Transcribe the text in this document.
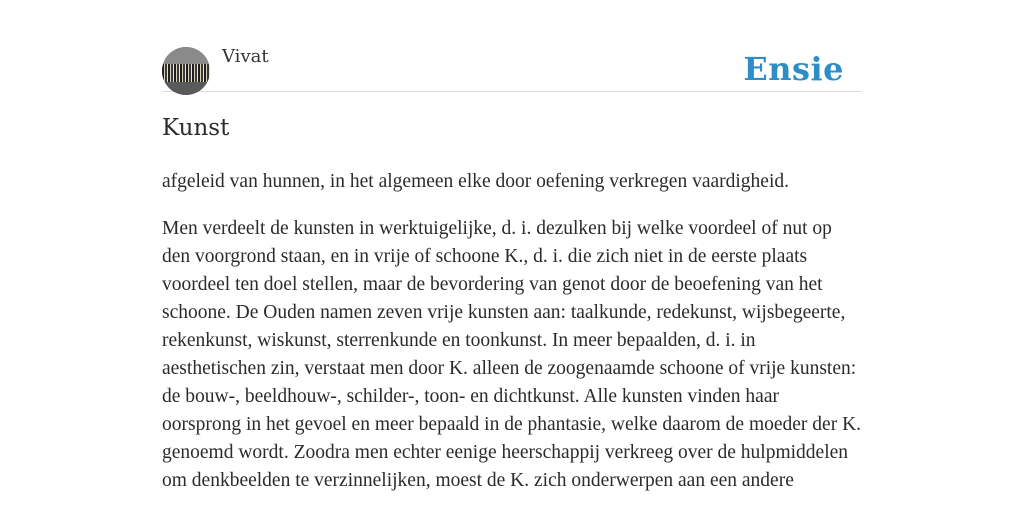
Vivat	Ensie
Kunst

afgeleid van hunnen, in het algemeen elke door oefening verkregen vaardigheid.

Men verdeelt de kunsten in werktuigelijke, d. i. dezulken bij welke voordeel of nut op den voorgrond staan, en in vrije of schoone K., d. i. die zich niet in de eerste plaats voordeel ten doel stellen, maar de bevordering van genot door de beoefening van het schoone. De Ouden namen zeven vrije kunsten aan: taalkunde, redekunst, wijsbegeerte, rekenkunst, wiskunst, sterrenkunde en toonkunst. In meer bepaalden, d. i. in aesthetischen zin, verstaat men door K. alleen de zoogenaamde schoone of vrije kunsten: de bouw-, beeldhouw-, schilder-, toon- en dichtkunst. Alle kunsten vinden haar oorsprong in het gevoel en meer bepaald in de phantasie, welke daarom de moeder der K. genoemd wordt. Zoodra men echter eenige heerschappij verkreeg over de hulpmiddelen om denkbeelden te verzinnelijken, moest de K. zich onderwerpen aan een andere
